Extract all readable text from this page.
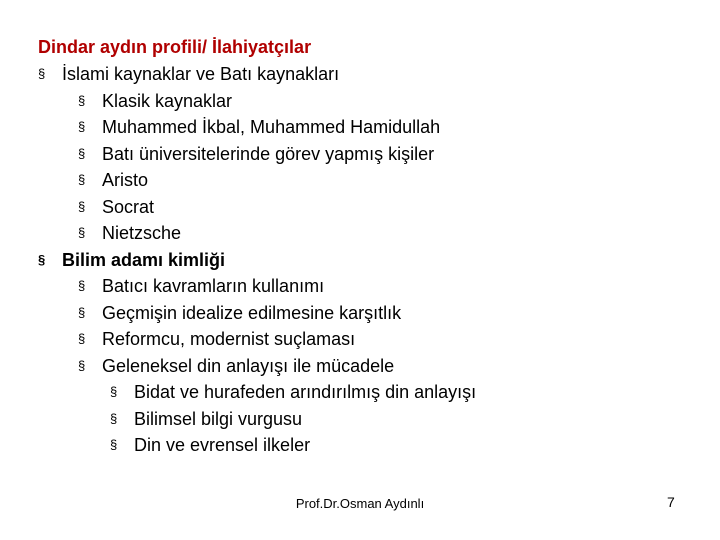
Dindar aydın profili/ İlahiyatçılar
§ İslami kaynaklar ve Batı kaynakları
§ Klasik kaynaklar
§ Muhammed İkbal, Muhammed Hamidullah
§ Batı üniversitelerinde görev yapmış kişiler
§ Aristo
§ Socrat
§ Nietzsche
§ Bilim adamı kimliği
§ Batıcı kavramların kullanımı
§ Geçmişin idealize edilmesine karşıtlık
§ Reformcu, modernist suçlaması
§ Geleneksel din anlayışı ile mücadele
§ Bidat ve hurafeden arındırılmış din anlayışı
§ Bilimsel bilgi vurgusu
§ Din ve evrensel ilkeler
Prof.Dr.Osman Aydınlı	7
